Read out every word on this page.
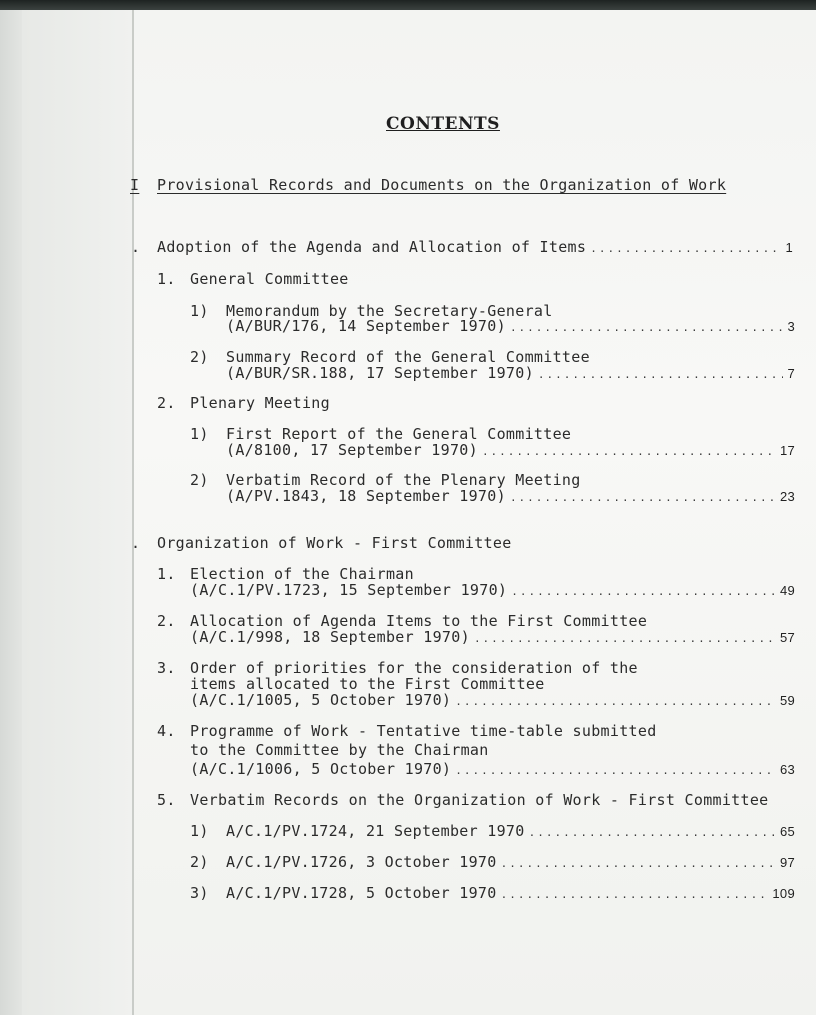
CONTENTS
I Provisional Records and Documents on the Organization of Work
. Adoption of the Agenda and Allocation of Items .....	1
1. General Committee
1) Memorandum by the Secretary-General
(A/BUR/176, 14 September 1970) .....	3
2) Summary Record of the General Committee
(A/BUR/SR.188, 17 September 1970) .....	7
2. Plenary Meeting
1) First Report of the General Committee
(A/8100, 17 September 1970) .....	17
2) Verbatim Record of the Plenary Meeting
(A/PV.1843, 18 September 1970) .....	23
. Organization of Work - First Committee
1. Election of the Chairman
(A/C.1/PV.1723, 15 September 1970) .....	49
2. Allocation of Agenda Items to the First Committee
(A/C.1/998, 18 September 1970) .....	57
3. Order of priorities for the consideration of the
items allocated to the First Committee
(A/C.1/1005, 5 October 1970) .....	59
4. Programme of Work - Tentative time-table submitted
to the Committee by the Chairman
(A/C.1/1006, 5 October 1970) .....	63
5. Verbatim Records on the Organization of Work - First Committee
1) A/C.1/PV.1724, 21 September 1970 .....	65
2) A/C.1/PV.1726, 3 October 1970 .....	97
3) A/C.1/PV.1728, 5 October 1970 .....	109
